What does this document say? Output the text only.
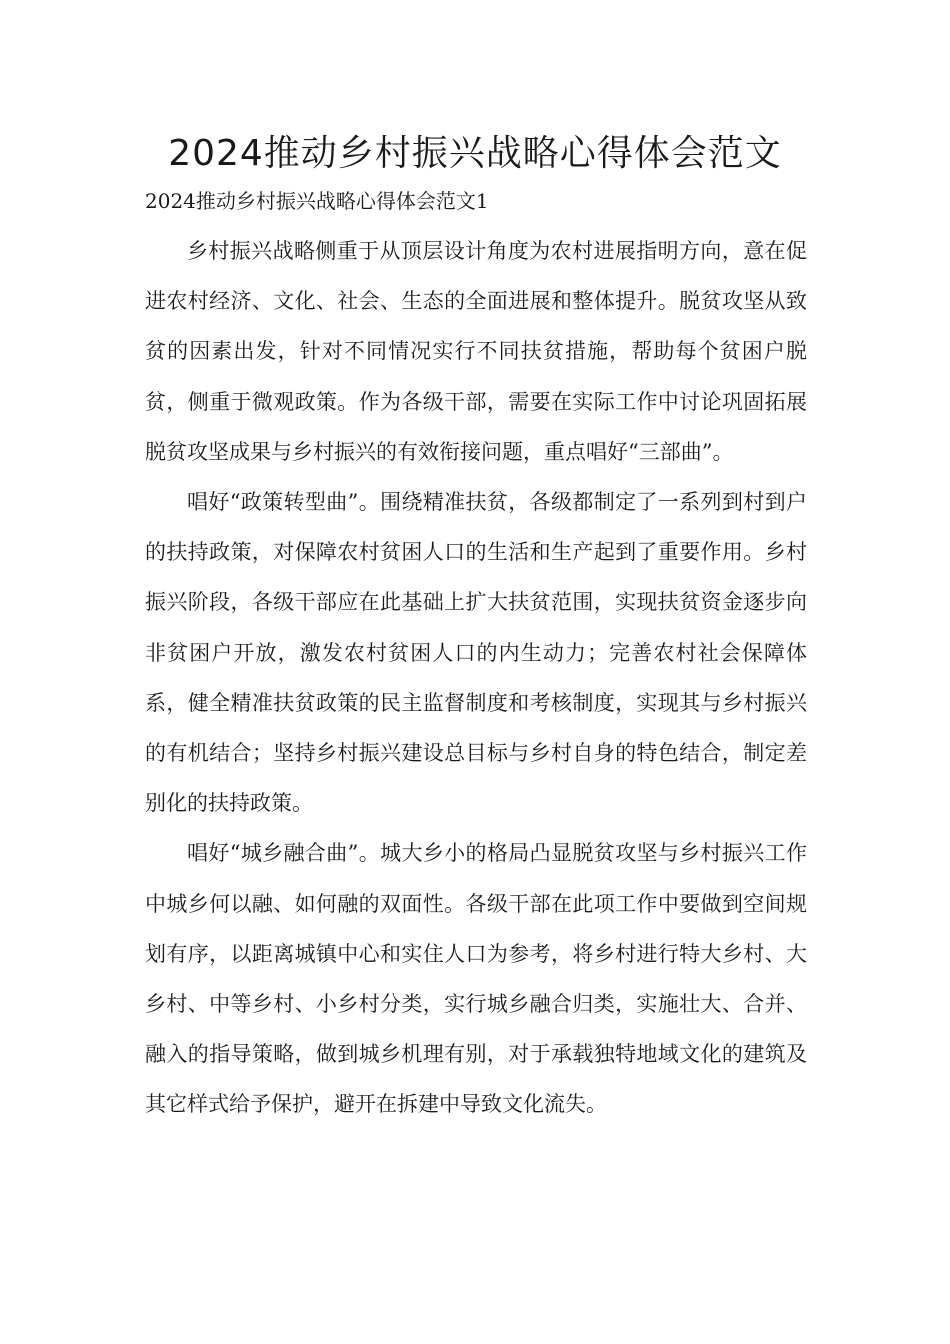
2024推动乡村振兴战略心得体会范文

2024推动乡村振兴战略心得体会范文1

乡村振兴战略侧重于从顶层设计角度为农村进展指明方向，意在促进农村经济、文化、社会、生态的全面进展和整体提升。脱贫攻坚从致贫的因素出发，针对不同情况实行不同扶贫措施，帮助每个贫困户脱贫，侧重于微观政策。作为各级干部，需要在实际工作中讨论巩固拓展脱贫攻坚成果与乡村振兴的有效衔接问题，重点唱好“三部曲”。

唱好“政策转型曲”。围绕精准扶贫，各级都制定了一系列到村到户的扶持政策，对保障农村贫困人口的生活和生产起到了重要作用。乡村振兴阶段，各级干部应在此基础上扩大扶贫范围，实现扶贫资金逐步向非贫困户开放，激发农村贫困人口的内生动力；完善农村社会保障体系，健全精准扶贫政策的民主监督制度和考核制度，实现其与乡村振兴的有机结合；坚持乡村振兴建设总目标与乡村自身的特色结合，制定差别化的扶持政策。

唱好“城乡融合曲”。城大乡小的格局凸显脱贫攻坚与乡村振兴工作中城乡何以融、如何融的双面性。各级干部在此项工作中要做到空间规划有序，以距离城镇中心和实住人口为参考，将乡村进行特大乡村、大乡村、中等乡村、小乡村分类，实行城乡融合归类，实施壮大、合并、融入的指导策略，做到城乡机理有别，对于承载独特地域文化的建筑及其它样式给予保护，避开在拆建中导致文化流失。
